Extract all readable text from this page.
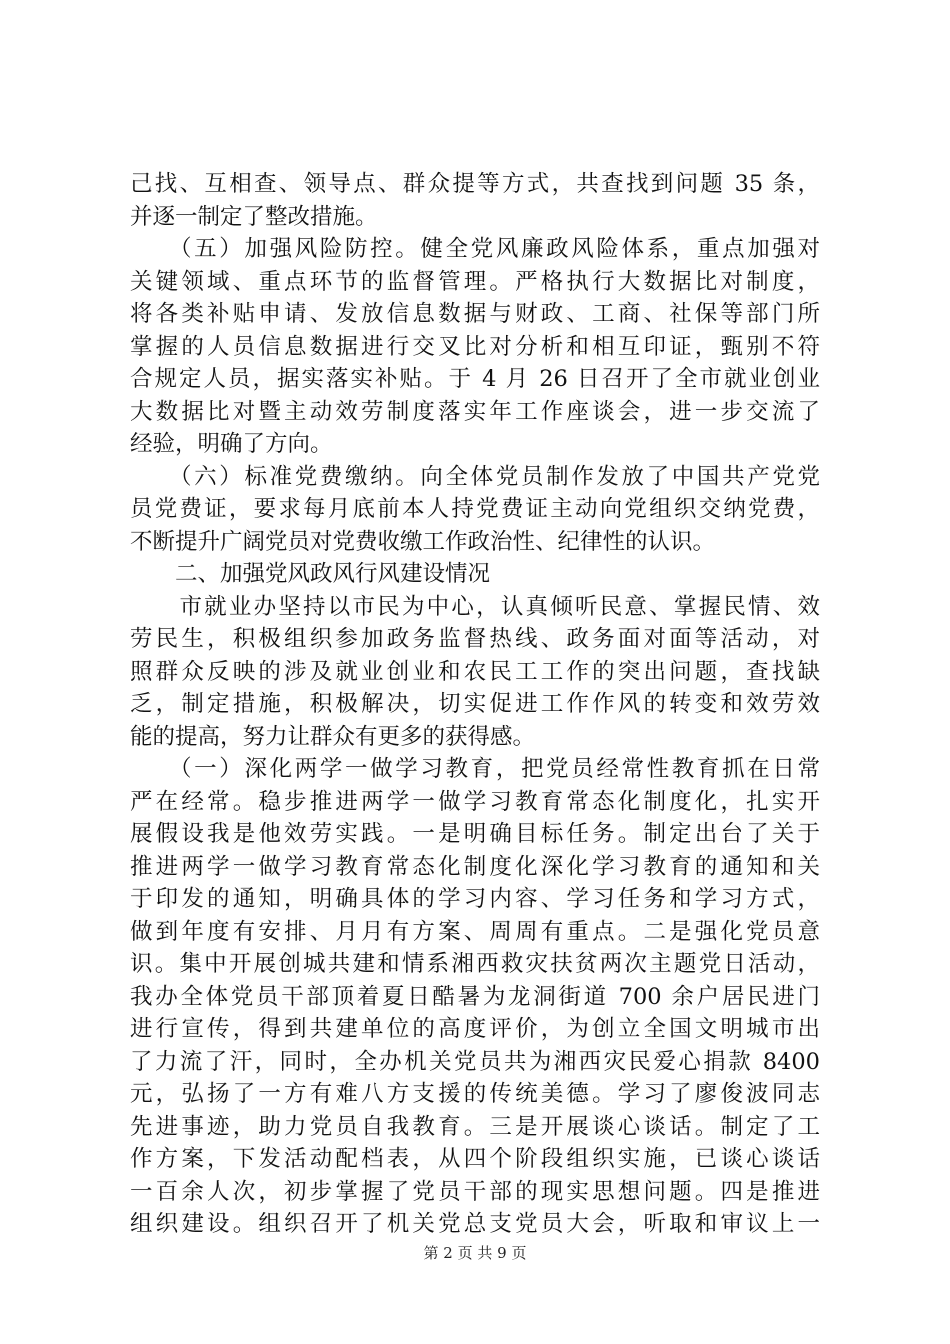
己找、互相查、领导点、群众提等方式，共查找到问题 35 条，
并逐一制定了整改措施。
　　（五）加强风险防控。健全党风廉政风险体系，重点加强对
关键领域、重点环节的监督管理。严格执行大数据比对制度，
将各类补贴申请、发放信息数据与财政、工商、社保等部门所
掌握的人员信息数据进行交叉比对分析和相互印证，甄别不符
合规定人员，据实落实补贴。于 4 月 26 日召开了全市就业创业
大数据比对暨主动效劳制度落实年工作座谈会，进一步交流了
经验，明确了方向。
　　（六）标准党费缴纳。向全体党员制作发放了中国共产党党
员党费证，要求每月底前本人持党费证主动向党组织交纳党费，
不断提升广阔党员对党费收缴工作政治性、纪律性的认识。
　　二、加强党风政风行风建设情况
　　市就业办坚持以市民为中心，认真倾听民意、掌握民情、效
劳民生，积极组织参加政务监督热线、政务面对面等活动，对
照群众反映的涉及就业创业和农民工工作的突出问题，查找缺
乏，制定措施，积极解决，切实促进工作作风的转变和效劳效
能的提高，努力让群众有更多的获得感。
　　（一）深化两学一做学习教育，把党员经常性教育抓在日常
严在经常。稳步推进两学一做学习教育常态化制度化，扎实开
展假设我是他效劳实践。一是明确目标任务。制定出台了关于
推进两学一做学习教育常态化制度化深化学习教育的通知和关
于印发的通知，明确具体的学习内容、学习任务和学习方式，
做到年度有安排、月月有方案、周周有重点。二是强化党员意
识。集中开展创城共建和情系湘西救灾扶贫两次主题党日活动，
我办全体党员干部顶着夏日酷暑为龙洞街道 700 余户居民进门
进行宣传，得到共建单位的高度评价，为创立全国文明城市出
了力流了汗，同时，全办机关党员共为湘西灾民爱心捐款 8400
元，弘扬了一方有难八方支援的传统美德。学习了廖俊波同志
先进事迹，助力党员自我教育。三是开展谈心谈话。制定了工
作方案，下发活动配档表，从四个阶段组织实施，已谈心谈话
一百余人次，初步掌握了党员干部的现实思想问题。四是推进
组织建设。组织召开了机关党总支党员大会，听取和审议上一
第 2 页 共 9 页
